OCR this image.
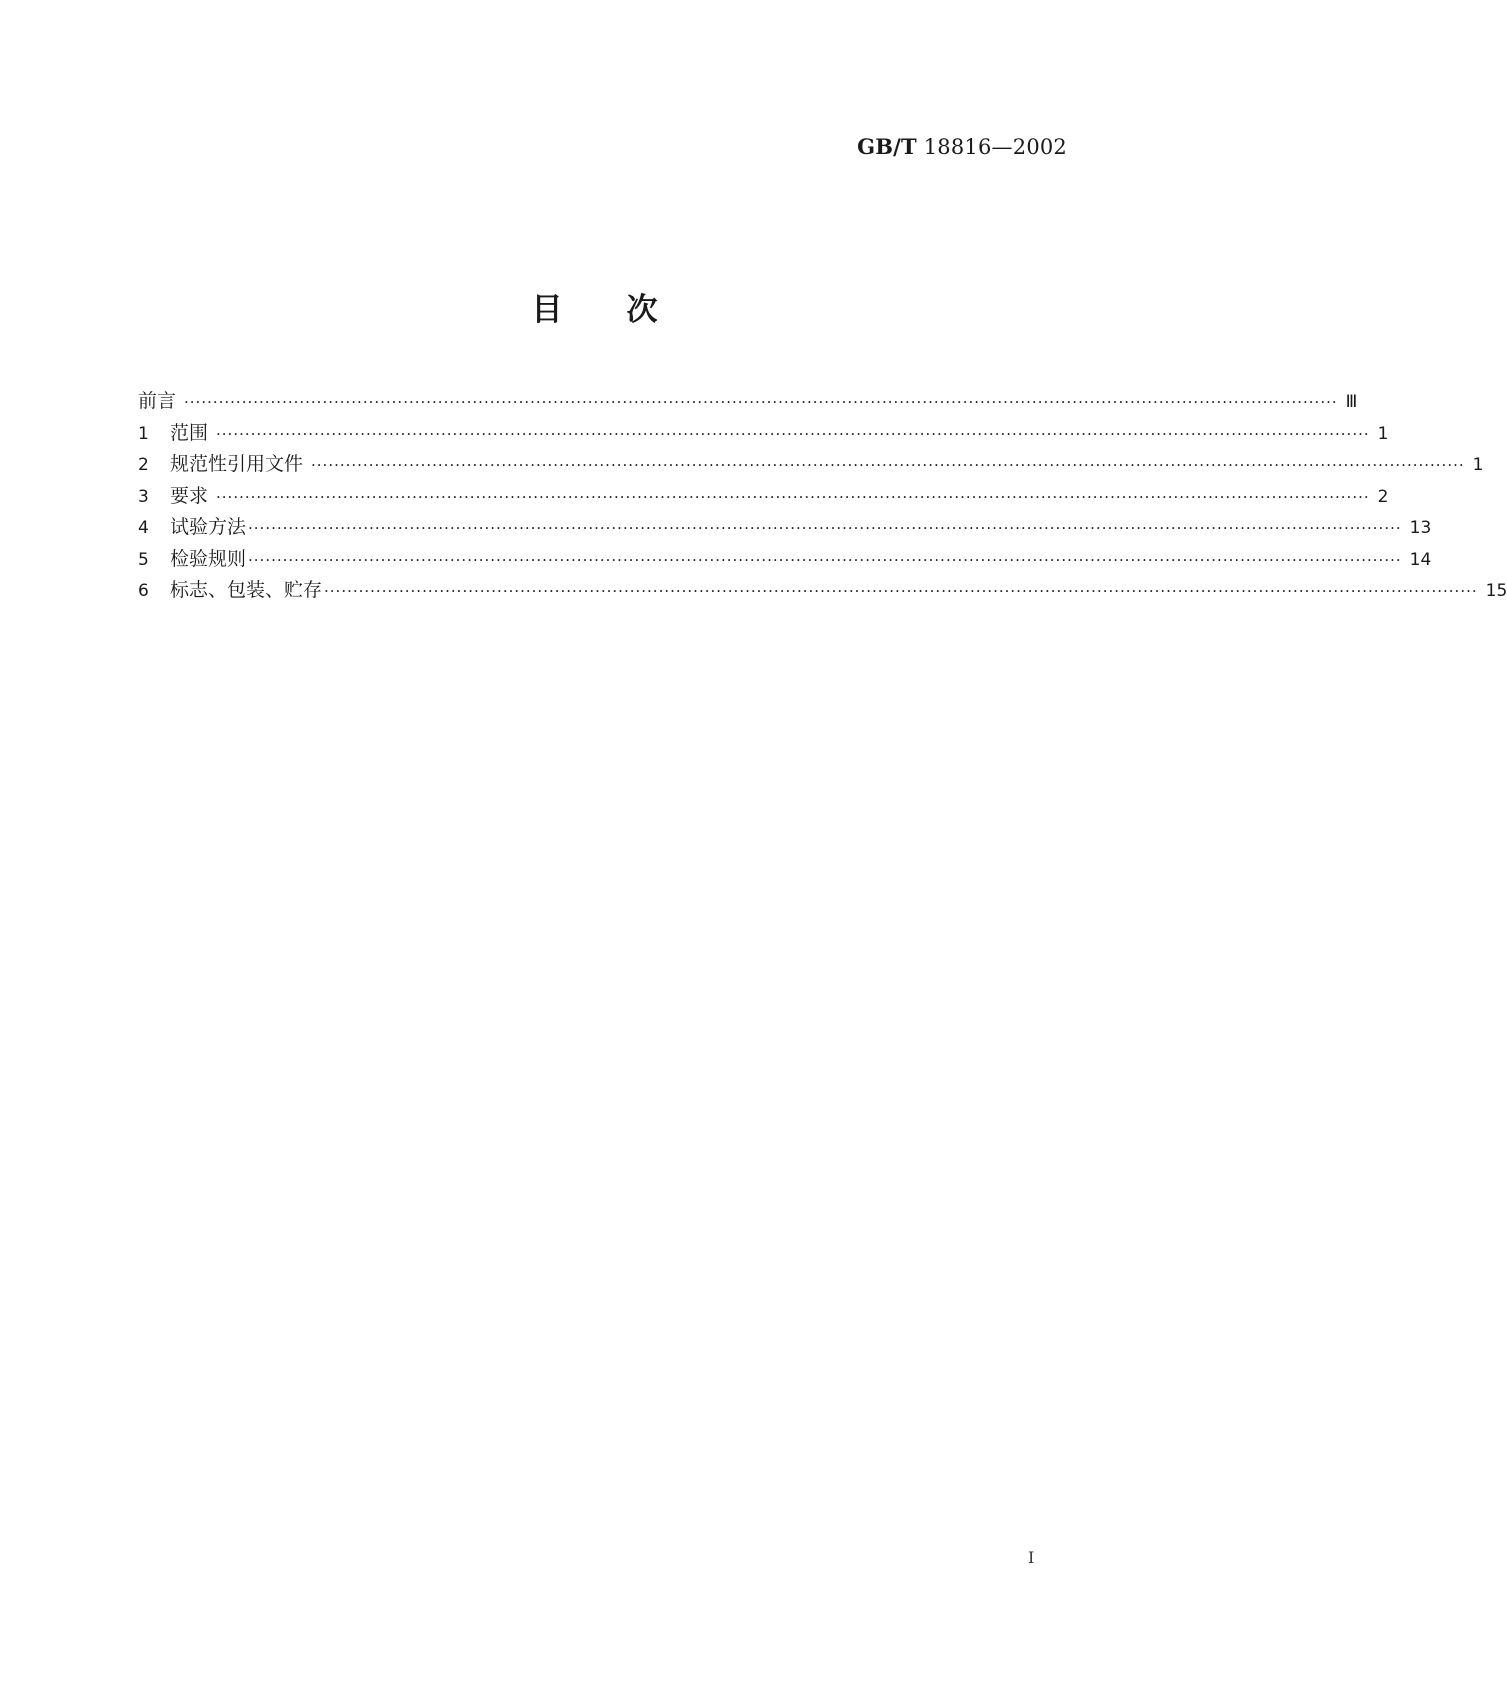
GB/T 18816—2002
目 次
前言 ········································································································································································································ Ⅲ
1	范围 ········································································································································································································ 1
2	规范性引用文件 ········································································································································································································ 1
3	要求 ········································································································································································································ 2
4	试验方法 ········································································································································································································ 13
5	检验规则 ········································································································································································································ 14
6	标志、包装、贮存 ········································································································································································································ 15
Ⅰ
